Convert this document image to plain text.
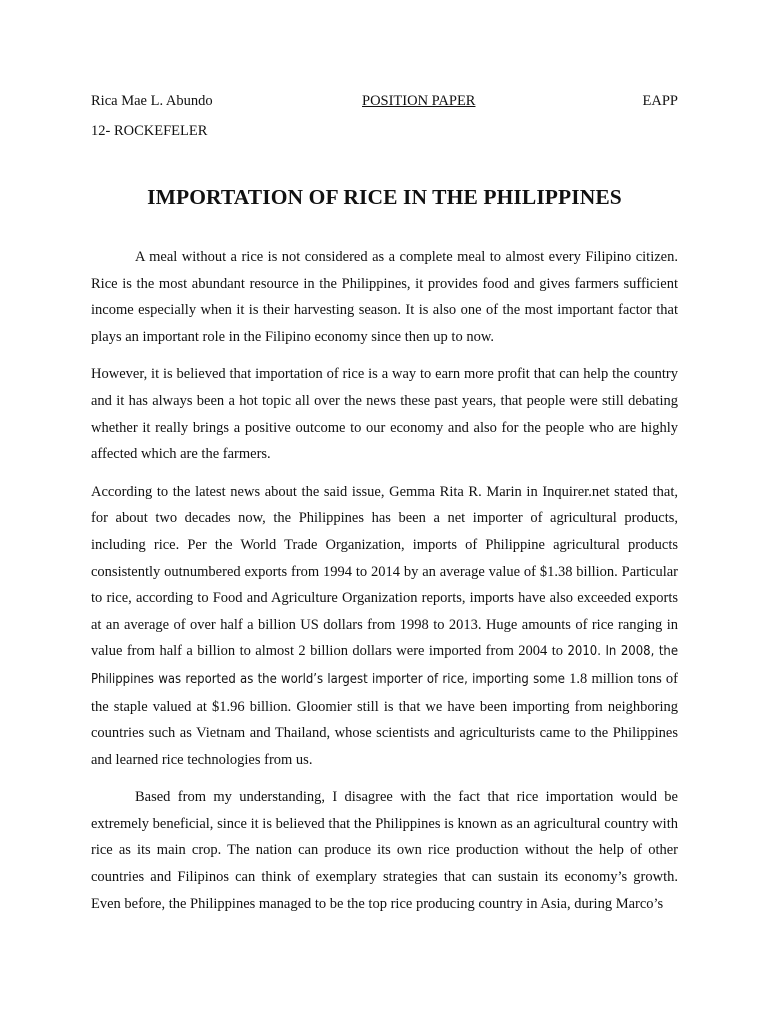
Rica Mae L. Abundo	POSITION PAPER	EAPP
12- ROCKEFELER
IMPORTATION OF RICE IN THE PHILIPPINES

A meal without a rice is not considered as a complete meal to almost every Filipino citizen. Rice is the most abundant resource in the Philippines, it provides food and gives farmers sufficient income especially when it is their harvesting season. It is also one of the most important factor that plays an important role in the Filipino economy since then up to now.

However, it is believed that importation of rice is a way to earn more profit that can help the country and it has always been a hot topic all over the news these past years, that people were still debating whether it really brings a positive outcome to our economy and also for the people who are highly affected which are the farmers.

According to the latest news about the said issue, Gemma Rita R. Marin in Inquirer.net stated that, for about two decades now, the Philippines has been a net importer of agricultural products, including rice. Per the World Trade Organization, imports of Philippine agricultural products consistently outnumbered exports from 1994 to 2014 by an average value of $1.38 billion. Particular to rice, according to Food and Agriculture Organization reports, imports have also exceeded exports at an average of over half a billion US dollars from 1998 to 2013. Huge amounts of rice ranging in value from half a billion to almost 2 billion dollars were imported from 2004 to 2010. In 2008, the Philippines was reported as the world’s largest importer of rice, importing some 1.8 million tons of the staple valued at $1.96 billion. Gloomier still is that we have been importing from neighboring countries such as Vietnam and Thailand, whose scientists and agriculturists came to the Philippines and learned rice technologies from us.

Based from my understanding, I disagree with the fact that rice importation would be extremely beneficial, since it is believed that the Philippines is known as an agricultural country with rice as its main crop. The nation can produce its own rice production without the help of other countries and Filipinos can think of exemplary strategies that can sustain its economy’s growth. Even before, the Philippines managed to be the top rice producing country in Asia, during Marco’s
